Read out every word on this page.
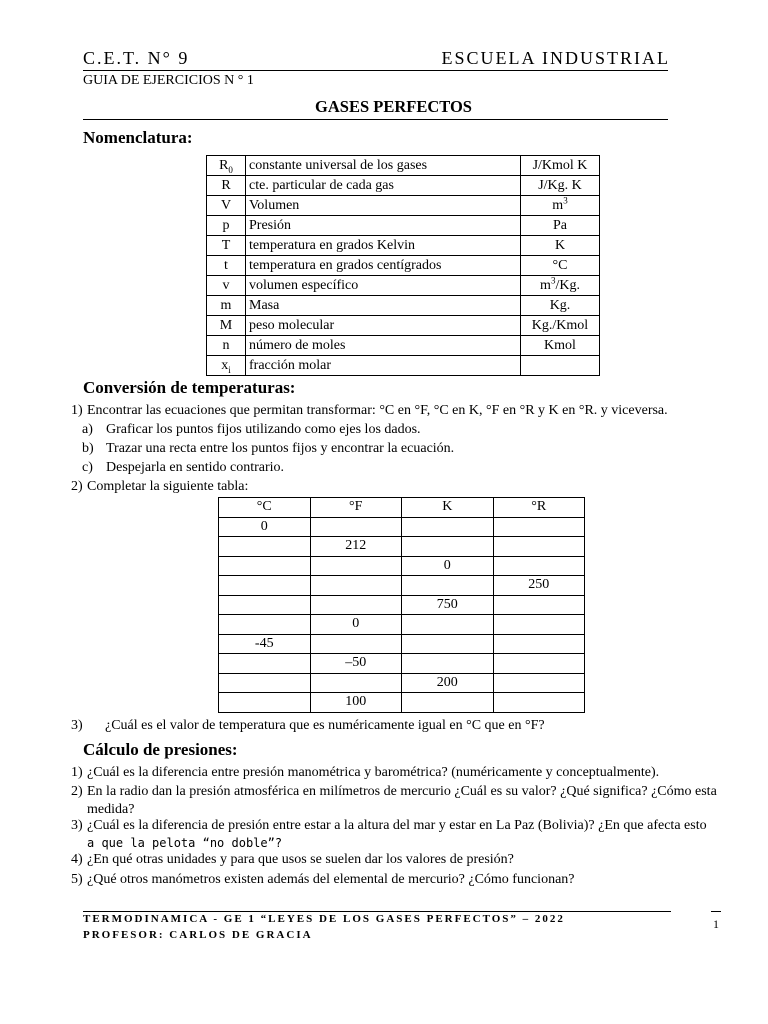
C.E.T. N° 9	ESCUELA INDUSTRIAL
GUIA DE EJERCICIOS N ° 1
GASES PERFECTOS
Nomenclatura:
$R_0$	constante universal de los gases	J/Kmol K
R	cte. particular de cada gas	J/Kg. K
V	Volumen	$m^3$
p	Presión	Pa
T	temperatura en grados Kelvin	K
t	temperatura en grados centígrados	°C
v	volumen específico	$m^3/Kg$.
m	Masa	Kg.
M	peso molecular	Kg./Kmol
n	número de moles	Kmol
$x_i$	fracción molar	
Conversión de temperaturas:
1) Encontrar las ecuaciones que permitan transformar: °C en °F, °C en K, °F en °R y K en °R. y viceversa.
a) Graficar los puntos fijos utilizando como ejes los dados.
b) Trazar una recta entre los puntos fijos y encontrar la ecuación.
c) Despejarla en sentido contrario.
2) Completar la siguiente tabla:
°C	°F	K	°R
0			
	212		
		0	
			250
		750	
	0		
-45			
	–50		
		200	
	100		
3) ¿Cuál es el valor de temperatura que es numéricamente igual en °C que en °F?
Cálculo de presiones:
1) ¿Cuál es la diferencia entre presión manométrica y barométrica? (numéricamente y conceptualmente).
2) En la radio dan la presión atmosférica en milímetros de mercurio ¿Cuál es su valor? ¿Qué significa? ¿Cómo esta
medida?
3) ¿Cuál es la diferencia de presión entre estar a la altura del mar y estar en La Paz (Bolivia)? ¿En que afecta esto
a que la pelota “no doble”?
4) ¿En qué otras unidades y para que usos se suelen dar los valores de presión?
5) ¿Qué otros manómetros existen además del elemental de mercurio? ¿Cómo funcionan?
TERMODINAMICA - GE 1 “LEYES DE LOS GASES PERFECTOS” – 2022
PROFESOR: CARLOS DE GRACIA
1
